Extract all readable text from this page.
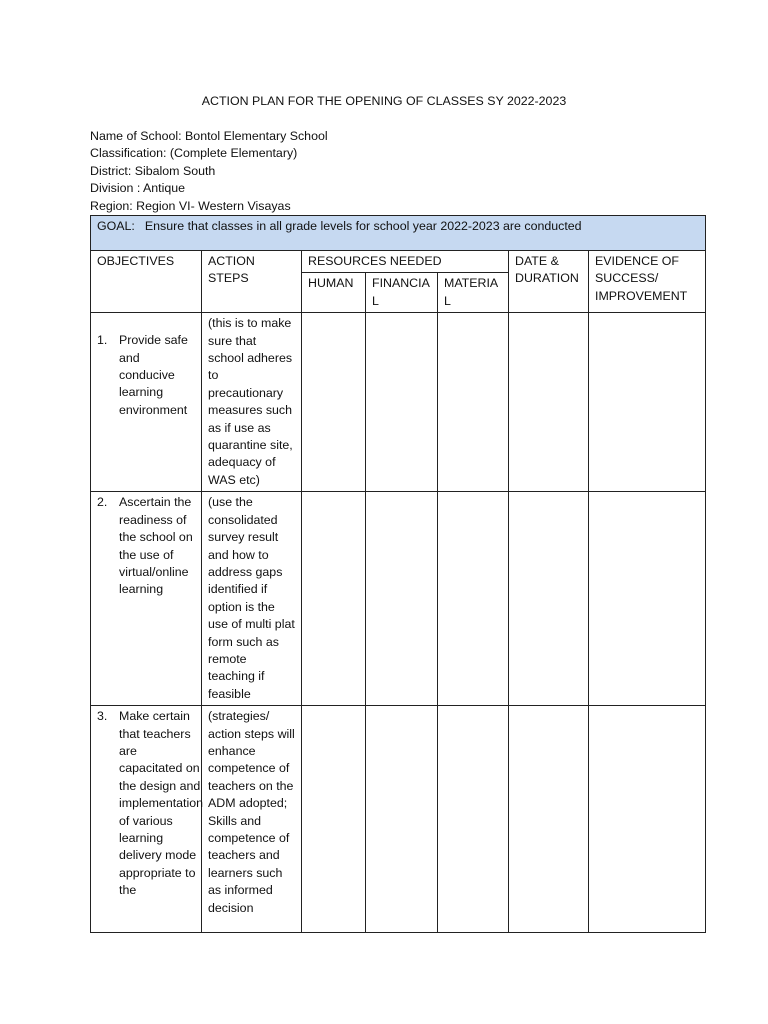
ACTION PLAN FOR THE OPENING OF CLASSES SY 2022-2023
Name of School: Bontol Elementary School
Classification: (Complete Elementary)
District: Sibalom South
Division : Antique
Region: Region VI- Western Visayas
GOAL: Ensure that classes in all grade levels for school year 2022-2023 are conducted						
OBJECTIVES	ACTION STEPS	RESOURCES NEEDED			DATE & DURATION	EVIDENCE OF SUCCESS/ IMPROVEMENT
		HUMAN	FINANCIAL	MATERIAL		

1. Provide safe and conducive learning environment	(this is to make sure that school adheres to precautionary measures such as if use as quarantine site, adequacy of WAS etc)					

2. Ascertain the readiness of the school on the use of virtual/online learning	(use the consolidated survey result and how to address gaps identified if option is the use of multi plat form such as remote teaching if feasible					

3. Make certain that teachers are capacitated on the design and implementation of various learning delivery mode appropriate to the	(strategies/ action steps will enhance competence of teachers on the ADM adopted; Skills and competence of teachers and learners such as informed decision					
